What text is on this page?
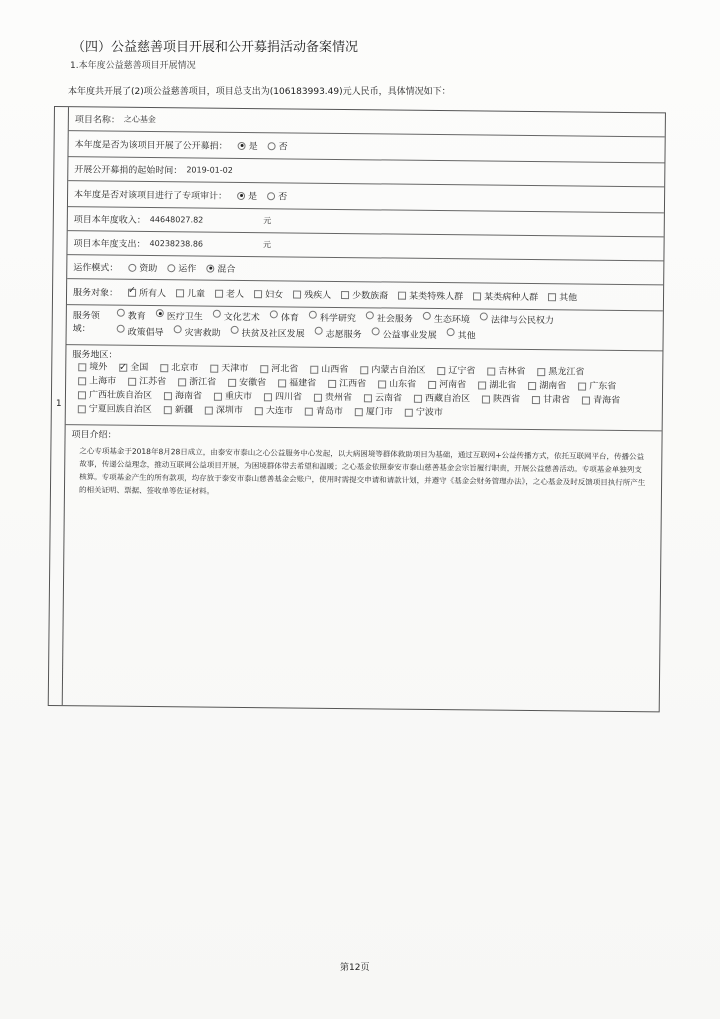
（四）公益慈善项目开展和公开募捐活动备案情况
1.本年度公益慈善项目开展情况
本年度共开展了(2)项公益慈善项目，项目总支出为(106183993.49)元人民币，具体情况如下：
1
项目名称： 之心基金
本年度是否为该项目开展了公开募捐： 是 否
开展公开募捐的起始时间： 2019-01-02
本年度是否对该项目进行了专项审计： 是 否
项目本年度收入： 44648027.82	元
项目本年度支出： 40238238.86	元
运作模式： 资助 运作 混合
服务对象： ✓ 所有人 儿童 老人 妇女 残疾人 少数族裔 某类特殊人群 某类病种人群 其他
服务领域：
教育 医疗卫生 文化艺术 体育 科学研究 社会服务 生态环境 法律与公民权力
政策倡导 灾害救助 扶贫及社区发展 志愿服务 公益事业发展 其他
服务地区：
境外 ✓	全国	北京市	天津市	河北省	山西省	内蒙古自治区	辽宁省	吉林省	黑龙江省
上海市	江苏省	浙江省	安徽省	福建省	江西省	山东省	河南省	湖北省	湖南省	广东省
广西壮族自治区	海南省	重庆市	四川省	贵州省	云南省	西藏自治区	陕西省	甘肃省	青海省
宁夏回族自治区	新疆	深圳市	大连市	青岛市	厦门市	宁波市
项目介绍：
之心专项基金于2018年8月28日成立，由泰安市泰山之心公益服务中心发起，以大病困境等群体救助项目为基础，通过互联网+公益传播方式，依托互联网平台，传播公益故事，传递公益理念，推动互联网公益项目开展，为困境群体带去希望和温暖；之心基金依照泰安市泰山慈善基金会宗旨履行职责，开展公益慈善活动。专项基金单独列支核算。专项基金产生的所有款项，均存放于泰安市泰山慈善基金会账户，使用时需提交申请和请款计划，并遵守《基金会财务管理办法》，之心基金及时反馈项目执行所产生的相关证明、票据、签收单等佐证材料。
第12页
